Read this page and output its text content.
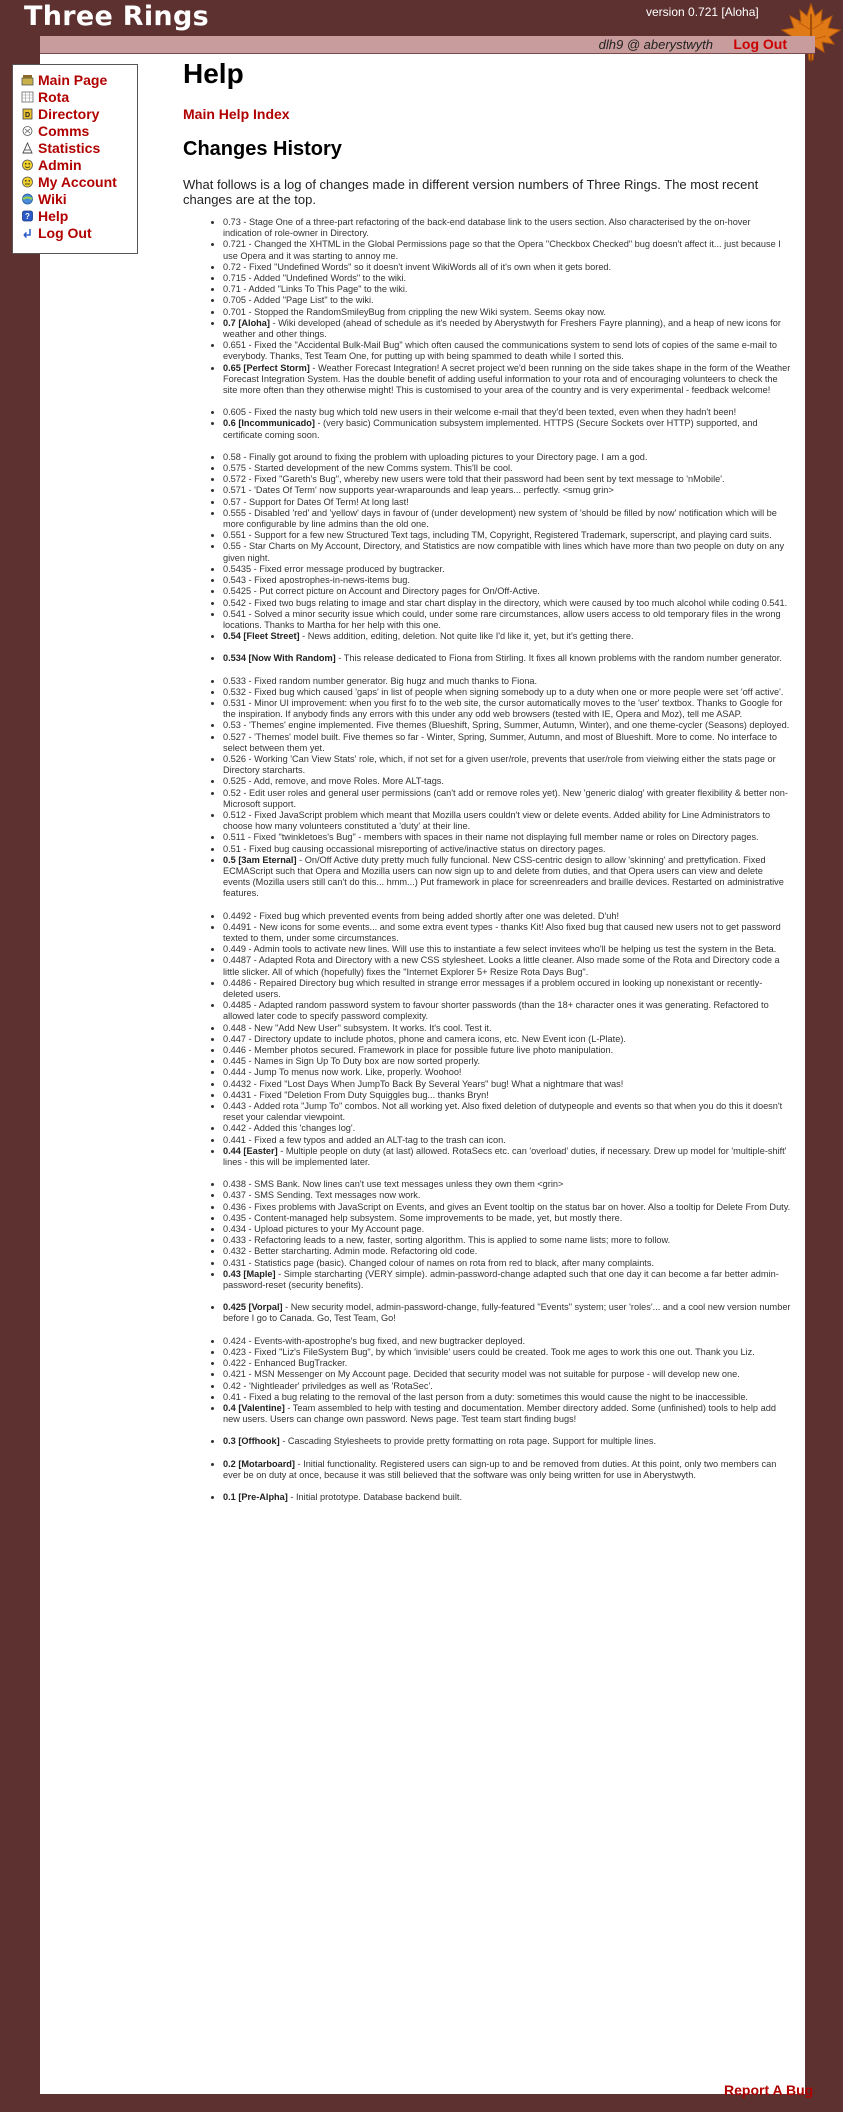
Three Rings	version 0.721 [Aloha]
dlh9 @ aberystwyth Log Out
Main Page
Rota
D Directory
Comms
Statistics
Admin
My Account
Wiki
? Help
Log Out
Help
Main Help Index
Changes History

What follows is a log of changes made in different version numbers of Three Rings. The most recent changes are at the top.

• 0.73 - Stage One of a three-part refactoring of the back-end database link to the users section. Also characterised by the on-hover indication of role-owner in Directory.
• 0.721 - Changed the XHTML in the Global Permissions page so that the Opera "Checkbox Checked" bug doesn't affect it... just because I use Opera and it was starting to annoy me.
• 0.72 - Fixed "Undefined Words" so it doesn't invent WikiWords all of it's own when it gets bored.
• 0.715 - Added "Undefined Words" to the wiki.
• 0.71 - Added "Links To This Page" to the wiki.
• 0.705 - Added "Page List" to the wiki.
• 0.701 - Stopped the RandomSmileyBug from crippling the new Wiki system. Seems okay now.
• 0.7 [Aloha] - Wiki developed (ahead of schedule as it's needed by Aberystwyth for Freshers Fayre planning), and a heap of new icons for weather and other things.
• 0.651 - Fixed the "Accidental Bulk-Mail Bug" which often caused the communications system to send lots of copies of the same e-mail to everybody. Thanks, Test Team One, for putting up with being spammed to death while I sorted this.
• 0.65 [Perfect Storm] - Weather Forecast Integration! A secret project we'd been running on the side takes shape in the form of the Weather Forecast Integration System. Has the double benefit of adding useful information to your rota and of encouraging volunteers to check the site more often than they otherwise might! This is customised to your area of the country and is very experimental - feedback welcome!
• 0.605 - Fixed the nasty bug which told new users in their welcome e-mail that they'd been texted, even when they hadn't been!
• 0.6 [Incommunicado] - (very basic) Communication subsystem implemented. HTTPS (Secure Sockets over HTTP) supported, and certificate coming soon.
• 0.58 - Finally got around to fixing the problem with uploading pictures to your Directory page. I am a god.
• 0.575 - Started development of the new Comms system. This'll be cool.
• 0.572 - Fixed "Gareth's Bug", whereby new users were told that their password had been sent by text message to 'nMobile'.
• 0.571 - 'Dates Of Term' now supports year-wraparounds and leap years... perfectly. <smug grin>
• 0.57 - Support for Dates Of Term! At long last!
• 0.555 - Disabled 'red' and 'yellow' days in favour of (under development) new system of 'should be filled by now' notification which will be more configurable by line admins than the old one.
• 0.551 - Support for a few new Structured Text tags, including TM, Copyright, Registered Trademark, superscript, and playing card suits.
• 0.55 - Star Charts on My Account, Directory, and Statistics are now compatible with lines which have more than two people on duty on any given night.
• 0.5435 - Fixed error message produced by bugtracker.
• 0.543 - Fixed apostrophes-in-news-items bug.
• 0.5425 - Put correct picture on Account and Directory pages for On/Off-Active.
• 0.542 - Fixed two bugs relating to image and star chart display in the directory, which were caused by too much alcohol while coding 0.541.
• 0.541 - Solved a minor security issue which could, under some rare circumstances, allow users access to old temporary files in the wrong locations. Thanks to Martha for her help with this one.
• 0.54 [Fleet Street] - News addition, editing, deletion. Not quite like I'd like it, yet, but it's getting there.
• 0.534 [Now With Random] - This release dedicated to Fiona from Stirling. It fixes all known problems with the random number generator.
• 0.533 - Fixed random number generator. Big hugz and much thanks to Fiona.
• 0.532 - Fixed bug which caused 'gaps' in list of people when signing somebody up to a duty when one or more people were set 'off active'.
• 0.531 - Minor UI improvement: when you first fo to the web site, the cursor automatically moves to the 'user' textbox. Thanks to Google for the inspiration. If anybody finds any errors with this under any odd web browsers (tested with IE, Opera and Moz), tell me ASAP.
• 0.53 - 'Themes' engine implemented. Five themes (Blueshift, Spring, Summer, Autumn, Winter), and one theme-cycler (Seasons) deployed.
• 0.527 - 'Themes' model built. Five themes so far - Winter, Spring, Summer, Autumn, and most of Blueshift. More to come. No interface to select between them yet.
• 0.526 - Working 'Can View Stats' role, which, if not set for a given user/role, prevents that user/role from vieiwing either the stats page or Directory starcharts.
• 0.525 - Add, remove, and move Roles. More ALT-tags.
• 0.52 - Edit user roles and general user permissions (can't add or remove roles yet). New 'generic dialog' with greater flexibility & better non-Microsoft support.
• 0.512 - Fixed JavaScript problem which meant that Mozilla users couldn't view or delete events. Added ability for Line Administrators to choose how many volunteers constituted a 'duty' at their line.
• 0.511 - Fixed "twinkletoes's Bug" - members with spaces in their name not displaying full member name or roles on Directory pages.
• 0.51 - Fixed bug causing occassional misreporting of active/inactive status on directory pages.
• 0.5 [3am Eternal] - On/Off Active duty pretty much fully funcional. New CSS-centric design to allow 'skinning' and prettyfication. Fixed ECMAScript such that Opera and Mozilla users can now sign up to and delete from duties, and that Opera users can view and delete events (Mozilla users still can't do this... hmm...) Put framework in place for screenreaders and braille devices. Restarted on administrative features.
• 0.4492 - Fixed bug which prevented events from being added shortly after one was deleted. D'uh!
• 0.4491 - New icons for some events... and some extra event types - thanks Kit! Also fixed bug that caused new users not to get password texted to them, under some circumstances.
• 0.449 - Admin tools to activate new lines. Will use this to instantiate a few select invitees who'll be helping us test the system in the Beta.
• 0.4487 - Adapted Rota and Directory with a new CSS stylesheet. Looks a little cleaner. Also made some of the Rota and Directory code a little slicker. All of which (hopefully) fixes the "Internet Explorer 5+ Resize Rota Days Bug".
• 0.4486 - Repaired Directory bug which resulted in strange error messages if a problem occured in looking up nonexistant or recently-deleted users.
• 0.4485 - Adapted random password system to favour shorter passwords (than the 18+ character ones it was generating. Refactored to allowed later code to specify password complexity.
• 0.448 - New "Add New User" subsystem. It works. It's cool. Test it.
• 0.447 - Directory update to include photos, phone and camera icons, etc. New Event icon (L-Plate).
• 0.446 - Member photos secured. Framework in place for possible future live photo manipulation.
• 0.445 - Names in Sign Up To Duty box are now sorted properly.
• 0.444 - Jump To menus now work. Like, properly. Woohoo!
• 0.4432 - Fixed "Lost Days When JumpTo Back By Several Years" bug! What a nightmare that was!
• 0.4431 - Fixed "Deletion From Duty Squiggles bug... thanks Bryn!
• 0.443 - Added rota "Jump To" combos. Not all working yet. Also fixed deletion of dutypeople and events so that when you do this it doesn't reset your calendar viewpoint.
• 0.442 - Added this 'changes log'.
• 0.441 - Fixed a few typos and added an ALT-tag to the trash can icon.
• 0.44 [Easter] - Multiple people on duty (at last) allowed. RotaSecs etc. can 'overload' duties, if necessary. Drew up model for 'multiple-shift' lines - this will be implemented later.
• 0.438 - SMS Bank. Now lines can't use text messages unless they own them <grin>
• 0.437 - SMS Sending. Text messages now work.
• 0.436 - Fixes problems with JavaScript on Events, and gives an Event tooltip on the status bar on hover. Also a tooltip for Delete From Duty.
• 0.435 - Content-managed help subsystem. Some improvements to be made, yet, but mostly there.
• 0.434 - Upload pictures to your My Account page.
• 0.433 - Refactoring leads to a new, faster, sorting algorithm. This is applied to some name lists; more to follow.
• 0.432 - Better starcharting. Admin mode. Refactoring old code.
• 0.431 - Statistics page (basic). Changed colour of names on rota from red to black, after many complaints.
• 0.43 [Maple] - Simple starcharting (VERY simple). admin-password-change adapted such that one day it can become a far better admin-password-reset (security benefits).
• 0.425 [Vorpal] - New security model, admin-password-change, fully-featured "Events" system; user 'roles'... and a cool new version number before I go to Canada. Go, Test Team, Go!
• 0.424 - Events-with-apostrophe's bug fixed, and new bugtracker deployed.
• 0.423 - Fixed "Liz's FileSystem Bug", by which 'invisible' users could be created. Took me ages to work this one out. Thank you Liz.
• 0.422 - Enhanced BugTracker.
• 0.421 - MSN Messenger on My Account page. Decided that security model was not suitable for purpose - will develop new one.
• 0.42 - 'Nightleader' priviledges as well as 'RotaSec'.
• 0.41 - Fixed a bug relating to the removal of the last person from a duty: sometimes this would cause the night to be inaccessible.
• 0.4 [Valentine] - Team assembled to help with testing and documentation. Member directory added. Some (unfinished) tools to help add new users. Users can change own password. News page. Test team start finding bugs!
• 0.3 [Offhook] - Cascading Stylesheets to provide pretty formatting on rota page. Support for multiple lines.
• 0.2 [Motarboard] - Initial functionality. Registered users can sign-up to and be removed from duties. At this point, only two members can ever be on duty at once, because it was still believed that the software was only being written for use in Aberystwyth.
• 0.1 [Pre-Alpha] - Initial prototype. Database backend built.
Report A Bug
